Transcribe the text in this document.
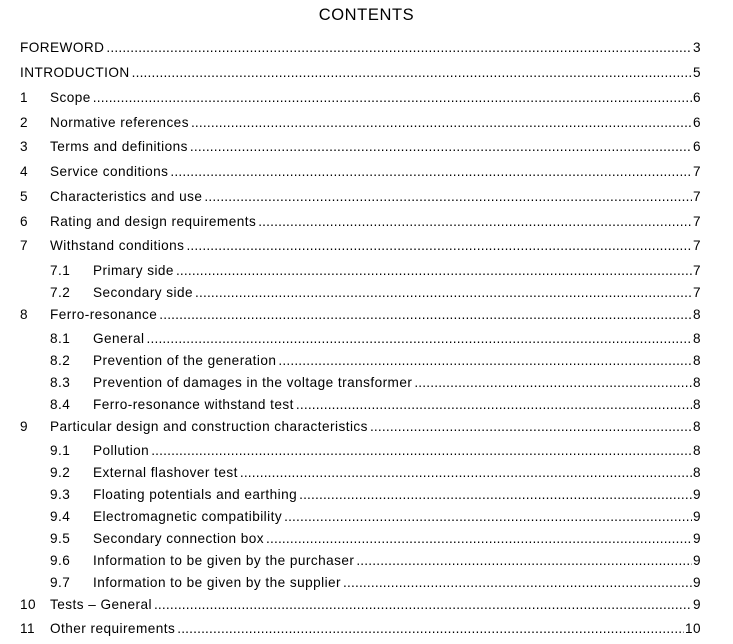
CONTENTS
FOREWORD .....	3
INTRODUCTION .....	5
1	Scope .....	6
2	Normative references .....	6
3	Terms and definitions .....	6
4	Service conditions .....	7
5	Characteristics and use .....	7
6	Rating and design requirements .....	7
7	Withstand conditions .....	7
7.1	Primary side .....	7
7.2	Secondary side .....	7
8	Ferro-resonance .....	8
8.1	General .....	8
8.2	Prevention of the generation .....	8
8.3	Prevention of damages in the voltage transformer .....	8
8.4	Ferro-resonance withstand test .....	8
9	Particular design and construction characteristics .....	8
9.1	Pollution .....	8
9.2	External flashover test .....	8
9.3	Floating potentials and earthing .....	9
9.4	Electromagnetic compatibility .....	9
9.5	Secondary connection box .....	9
9.6	Information to be given by the purchaser .....	9
9.7	Information to be given by the supplier .....	9
10	Tests – General .....	9
11	Other requirements .....	10
